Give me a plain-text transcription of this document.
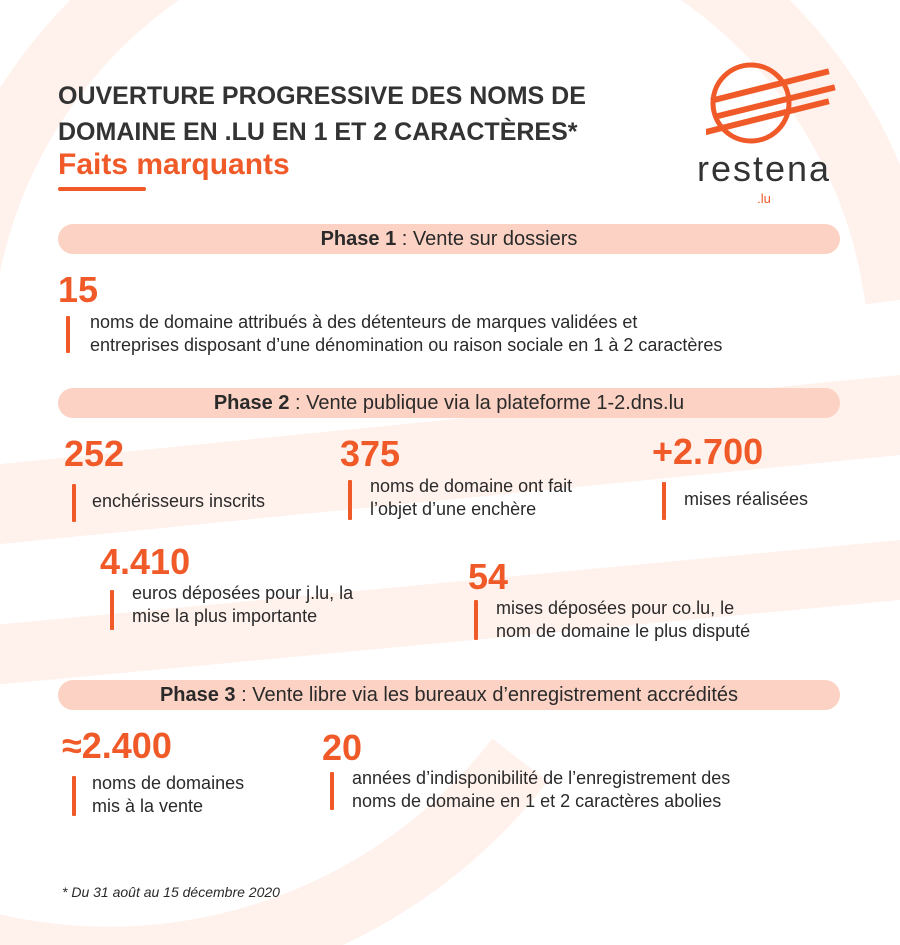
OUVERTURE PROGRESSIVE DES NOMS DE
DOMAINE EN .LU EN 1 ET 2 CARACTÈRES*
Faits marquants	restena
.lu
Phase 1 : Vente sur dossiers
15
noms de domaine attribués à des détenteurs de marques validées et
entreprises disposant d’une dénomination ou raison sociale en 1 à 2 caractères
Phase 2 : Vente publique via la plateforme 1-2.dns.lu
252
enchérisseurs inscrits
375
noms de domaine ont fait
l’objet d’une enchère
+2.700
mises réalisées
4.410
euros déposées pour j.lu, la
mise la plus importante
54
mises déposées pour co.lu, le
nom de domaine le plus disputé
Phase 3 : Vente libre via les bureaux d’enregistrement accrédités
≈2.400
noms de domaines
mis à la vente
20
années d’indisponibilité de l’enregistrement des
noms de domaine en 1 et 2 caractères abolies
* Du 31 août au 15 décembre 2020
